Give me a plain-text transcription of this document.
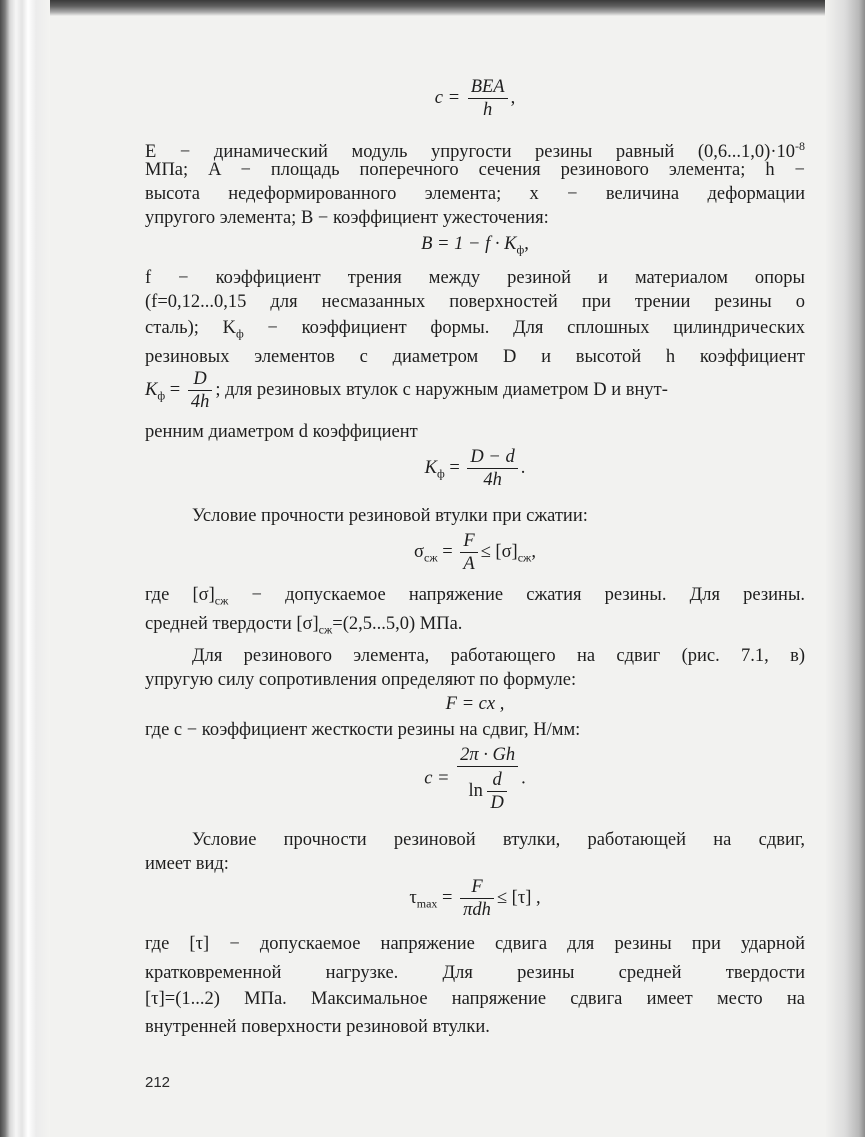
c =
BEA
h
,
E − динамический модуль упругости резины равный $(0,6...1,0)\cdot 10^{-8}$
МПа; A − площадь поперечного сечения резинового элемента; h −
высота недеформированного элемента; x − величина деформации
упругого элемента; B − коэффициент ужесточения:
$B = 1 - f \cdot K_ф$,
f − коэффициент трения между резиной и материалом опоры
(f=0,12...0,15 для несмазанных поверхностей при трении резины о
сталь); $K_ф$ − коэффициент формы. Для сплошных цилиндрических
резиновых элементов с диаметром D и высотой h коэффициент
$K_ф = \frac{D}{4h}$ ; для резиновых втулок с наружным диаметром D и внут-
ренним диаметром d коэффициент
$K_ф = \frac{D - d}{4h}$ .
Условие прочности резиновой втулки при сжатии:
$\sigma_{сж} = \frac{F}{A} \le [\sigma]_{сж}$,
где $[\sigma]_{сж}$ − допускаемое напряжение сжатия резины. Для резины.
средней твердости $[\sigma]_{сж}=(2,5...5,0)$ МПа.
Для резинового элемента, работающего на сдвиг (рис. 7.1, в)
упругую силу сопротивления определяют по формуле:
F = cx ,
где c − коэффициент жесткости резины на сдвиг, Н/мм:
$c = \frac{2\pi \cdot Gh}{\ln \frac{d}{D}}$ .
Условие прочности резиновой втулки, работающей на сдвиг,
имеет вид:
$\tau_{max}$ =
F
πdh
≤ [τ] ,
где [τ] − допускаемое напряжение сдвига для резины при ударной
кратковременной нагрузке. Для резины средней твердости
[τ]=(1...2) МПа. Максимальное напряжение сдвига имеет место на
внутренней поверхности резиновой втулки.
212
